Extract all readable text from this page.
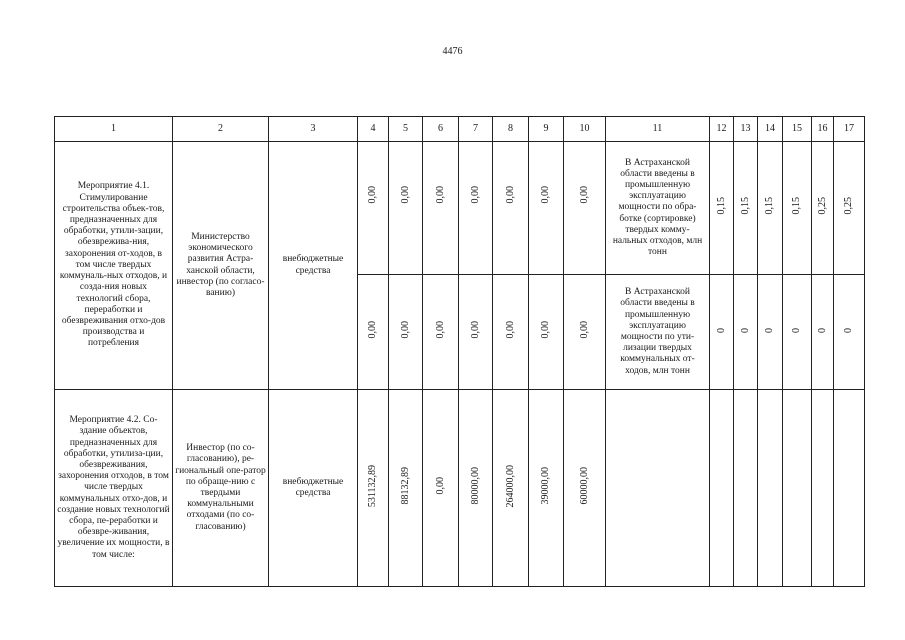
4476
1	2	3	4	5	6	7	8	9	10	11	12	13	14	15	16	17
Мероприятие 4.1. Стимулирование строительства объек-тов, предназначенных для обработки, утили-зации, обезврежива-ния, захоронения от-ходов, в том числе твердых коммуналь-ных отходов, и созда-ния новых технологий сбора, переработки и обезвреживания отхо-дов производства и потребления	Министерство экономического развития Астра-ханской области, инвестор (по согласо-ванию)	внебюджетные средства	0,00	0,00	0,00	0,00	0,00	0,00	0,00	В Астраханской области введены в промышленную эксплуатацию мощности по обра-ботке (сортировке) твердых комму-нальных отходов, млн тонн	0,15	0,15	0,15	0,15	0,25	0,25
			0,00	0,00	0,00	0,00	0,00	0,00	0,00	В Астраханской области введены в промышленную эксплуатацию мощности по ути-лизации твердых коммунальных от-ходов, млн тонн	0	0	0	0	0	0
Мероприятие 4.2. Со-здание объектов, предназначенных для обработки, утилиза-ции, обезвреживания, захоронения отходов, в том числе твердых коммунальных отхо-дов, и создание новых технологий сбора, пе-реработки и обезвре-живания, увеличение их мощности, в том числе:	Инвестор (по со-гласованию), ре-гиональный опе-ратор по обраще-нию с твердыми коммунальными отходами (по со-гласованию)	внебюджетные средства	531132,89	88132,89	0,00	80000,00	264000,00	39000,00	60000,00							
